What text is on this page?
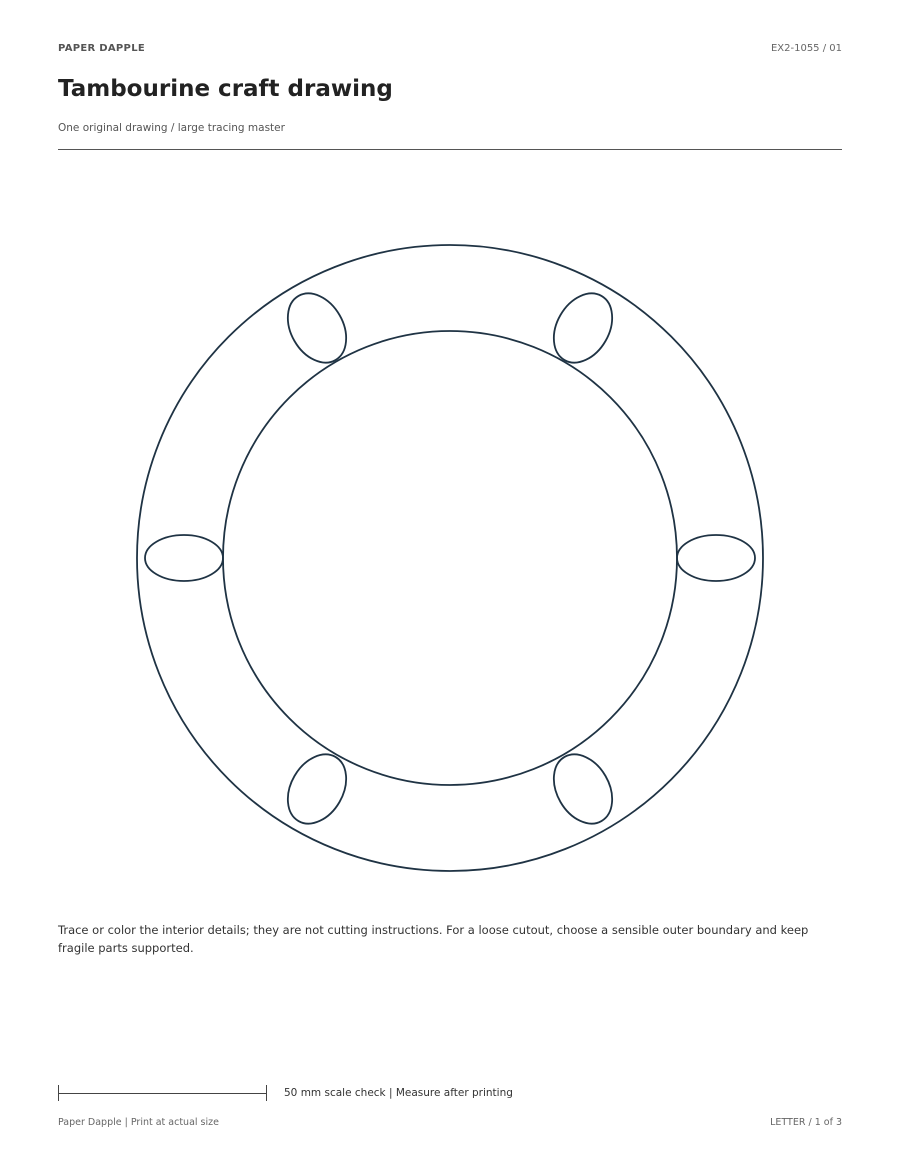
PAPER DAPPLE	EX2-1055 / 01
Tambourine craft drawing
One original drawing / large tracing master

Trace or color the interior details; they are not cutting instructions. For a loose cutout, choose a sensible outer boundary and keep fragile parts supported.

50 mm scale check | Measure after printing
Paper Dapple | Print at actual size	LETTER / 1 of 3
